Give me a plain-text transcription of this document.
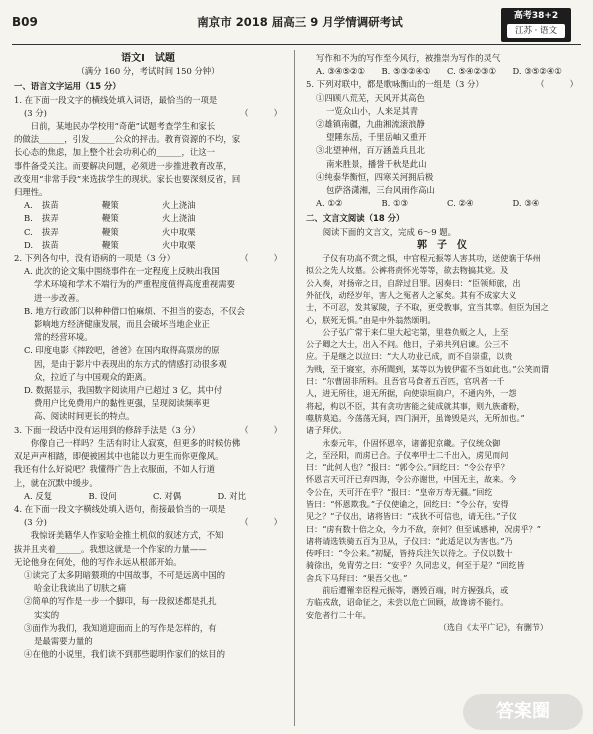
B09	南京市 2018 届高三 9 月学情调研考试	高考38+2
江苏 · 语文
语文Ⅰ　试题
（满分 160 分，考试时间 150 分钟）
一、语言文字运用（15 分）

1. 在下面一段文字的横线处填入词语，最恰当的一项是

(3 分)	（　　　）

日前，某地民办学校用“奇葩”试题考查学生和家长

的做法______，引发______公众的抨击。教育资源的不均，家

长心态的焦虑，加上整个社会功利心的______，让这一

事件备受关注。而要解决问题，必须进一步推进教育改革，

改变用“非常手段”来选拔学生的现状。家长也要深刻反省，回

归理性。

A.	拔苗	鞭策	火上浇油
B.	拔弄	鞭策	火上浇油
C.	拔弄	鞭策	火中取栗
D.	拔苗	鞭策	火中取栗

2. 下列各句中，没有语病的一项是（3 分）	（　　　）

A. 此次的论文集中围绕事件在一定程度上反映出我国

学术环境和学术不端行为的严重程度值得高度重视需要

进一步改善。

B. 地方行政部门以种种借口怕麻烦、不担当的姿态，不仅会

影响地方经济健康发展，而且会破坏当地企业正

常的经营环境。

C. 印度电影《摔跤吧，爸爸》在国内取得高票房的原

因，是由于影片中表现出的东方式的情感打动很多观

众，拉近了与中国观众的距离。

D. 数据显示，我国数字阅读用户已超过 3 亿，其中付

费用户比免费用户的黏性更强，呈现阅读频率更

高、阅读时间更长的特点。

3. 下面一段话中没有运用到的修辞手法是（3 分）	（　　　）

你像自己一样吗？生活有时让人寂寞，但更多的时候仿佛

双足声声相踏，即便被困其中也能以力更生而你更像风。

我还有什么好说吧？我懂得广告上衣服面，不如人行道

上，就在沉默中缓步。

A. 反复	B. 设问	C. 对偶	D. 对比

4. 在下面一段文字横线处填入语句，衔接最恰当的一项是

(3 分)	（　　　）

我惊讶美籍华人作家哈金推土机似的叙述方式，不知

拔并且夹着______。我想这就是一个作家的力量——

无论他身在何处，他的写作永远从根部开始。

①读完了太多阴暗猥琐的中国故事，不可是远离中国的

哈金让我读出了切肤之痛

②简单的写作是一步一个脚印，每一段叙述都是扎扎

实实的

③面作为我们，我知道迎面而上的写作是怎样的，有

是最需要力量的

④在他的小说里，我们读不到那些聪明作家们的炫目的

写作和不为的写作至今风行，被推崇为写作的灵气

A. ③④⑤②①	B. ⑤③②④①	C. ⑤④②③①	D. ③⑤②④①

5. 下列对联中，都是歌咏衡山的一组是（3 分）	（　　　）

①四顾八荒芜，天风开其高色

一览众山小，人来足其青

②雄镇南疆，九曲湘流滚浪静

望陲东岳，千里岳岫又重开

③北望神州，百万涵盖兵且北

南来胜景，播誉千秋是此山

④纯泰华衡恒，四寒关河拥后极

包萨洛潇湘，三台风雨作高山

A. ①②	B. ①③	C. ②④	D. ③④
二、文言文阅读（18 分）

阅读下面的文言文，完成 6～9 题。

郭　子　仪

子仪有功高不赏之惧，中官程元振等人害其功，送使谯于华州

拟公之先人坟墓。公裤将责怀光等等，欲去物搞其党。及

公入奏，对扬帝之日，自辞过目罪。因奏曰：“臣领师旅，出

外征伐，动经岁年，害人之冤者人之冢矣。其有不成家大义

士，不可忍，发其冢陵，子不取，更受教事，宜当其辜。但臣为国之

心，朕死无惧。”由是中外翁然颂明。

公子弘广常于来仁里大起宅第，里巷负贩之人，上至

公子卿之大士，出入不问。他日，子弟共列启谏。公三不

应。于是继之以泣曰：“大人功业已成，而不自崇重，以贵

为贱，至于寢室，亦所聞到，某等以为彼伊霍不当如此也。”公笑而谓

曰：“尔曹固非所料。且吾官马食者五百匹，官巩者一千

人，进无所往，退无所据，向使崇垣扃户，不通内外，一怨

将起，构以不臣，其有贪功害能之徒成就其事，则九族齑粉，

噬脐莫追。今荡荡无间，四门洞开，虽谗毁是兴，无所加也。”

诸子拜伏。

永泰元年，仆固怀恩卒，诸蕃犯京畿。子仪统众御

之，至泾阳，而虏已合。子仪率甲士二千出入，虏见而问

曰：“此何人也？”报曰：“郭令公。”回纥曰：“令公存乎？

怀恩言天可汗已弃四海，令公亦谢世，中国无主，故来。今

令公在，天可汗在乎？”报曰：“皇帝万寿无疆。”回纥

皆曰：“怀恩欺我。”子仪使谕之，回纥曰：“令公存，安得

见之？”子仪出，诸将皆曰：“戎狄不可信也，请无往。”子仪

曰：“虏有数十倍之众，今力不敌，奈何？但至诚感神，况虏乎？”

诸将请选铁骑五百为卫从，子仪曰：“此适足以为害也。”乃

传呼曰：“令公来。”初疑，皆持兵注矢以待之。子仪以数十

骑徐出，免胄劳之曰：“安乎？久同忠义，何至于是？”回纥皆

舍兵下马拜曰：“果吾父也。”

前后遭罹幸臣程元振等，谮毁百端，时方握强兵，或

方临戎敌，诏命征之，未尝以危亡回顾，故谗谤不能行。

安危者行二十年。

（选自《太平广记》，有删节）

答案圈
